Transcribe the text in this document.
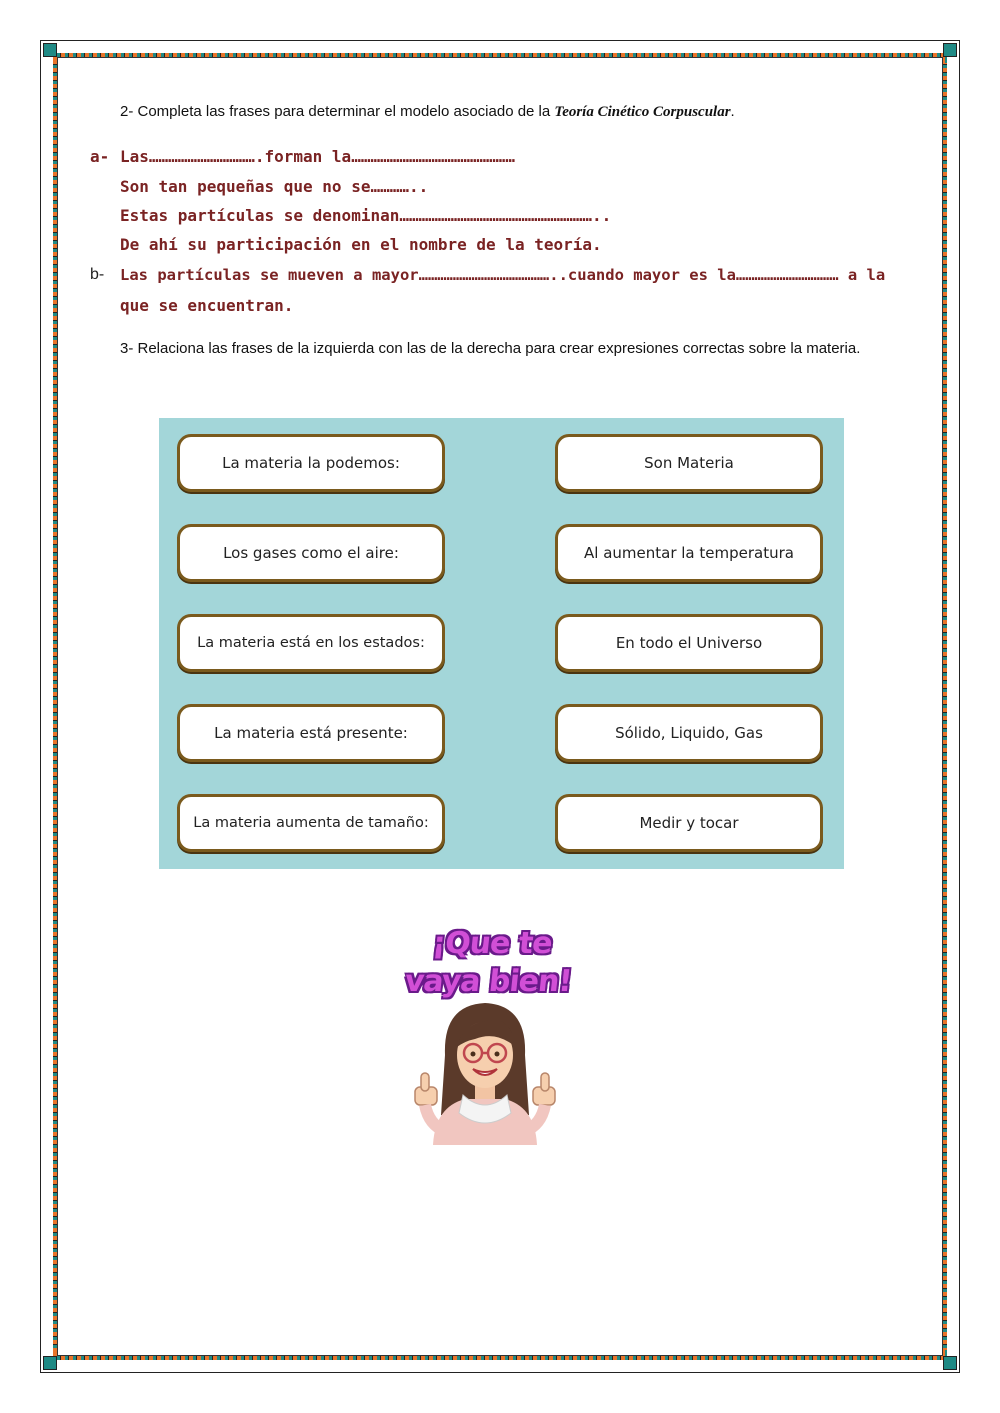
2- Completa las frases para determinar el modelo asociado de la Teoría Cinético Corpuscular.
a- Las…………………………….forman la……………………………………………
Son tan pequeñas que no se…………..
Estas partículas se denominan……………………………………………………..
De ahí su participación en el nombre de la teoría.
b- Las partículas se mueven a mayor……………………………………..cuando mayor es la…………………………… a la
que se encuentran.
3- Relaciona las frases de la izquierda con las de la derecha para crear expresiones correctas sobre la materia.
La materia la podemos:
Los gases como el aire:
La materia está en los estados:
La materia está presente:
La materia aumenta de tamaño:
Son Materia
Al aumentar la temperatura
En todo el Universo
Sólido, Liquido, Gas
Medir y tocar
¡Que te
vaya bien!
